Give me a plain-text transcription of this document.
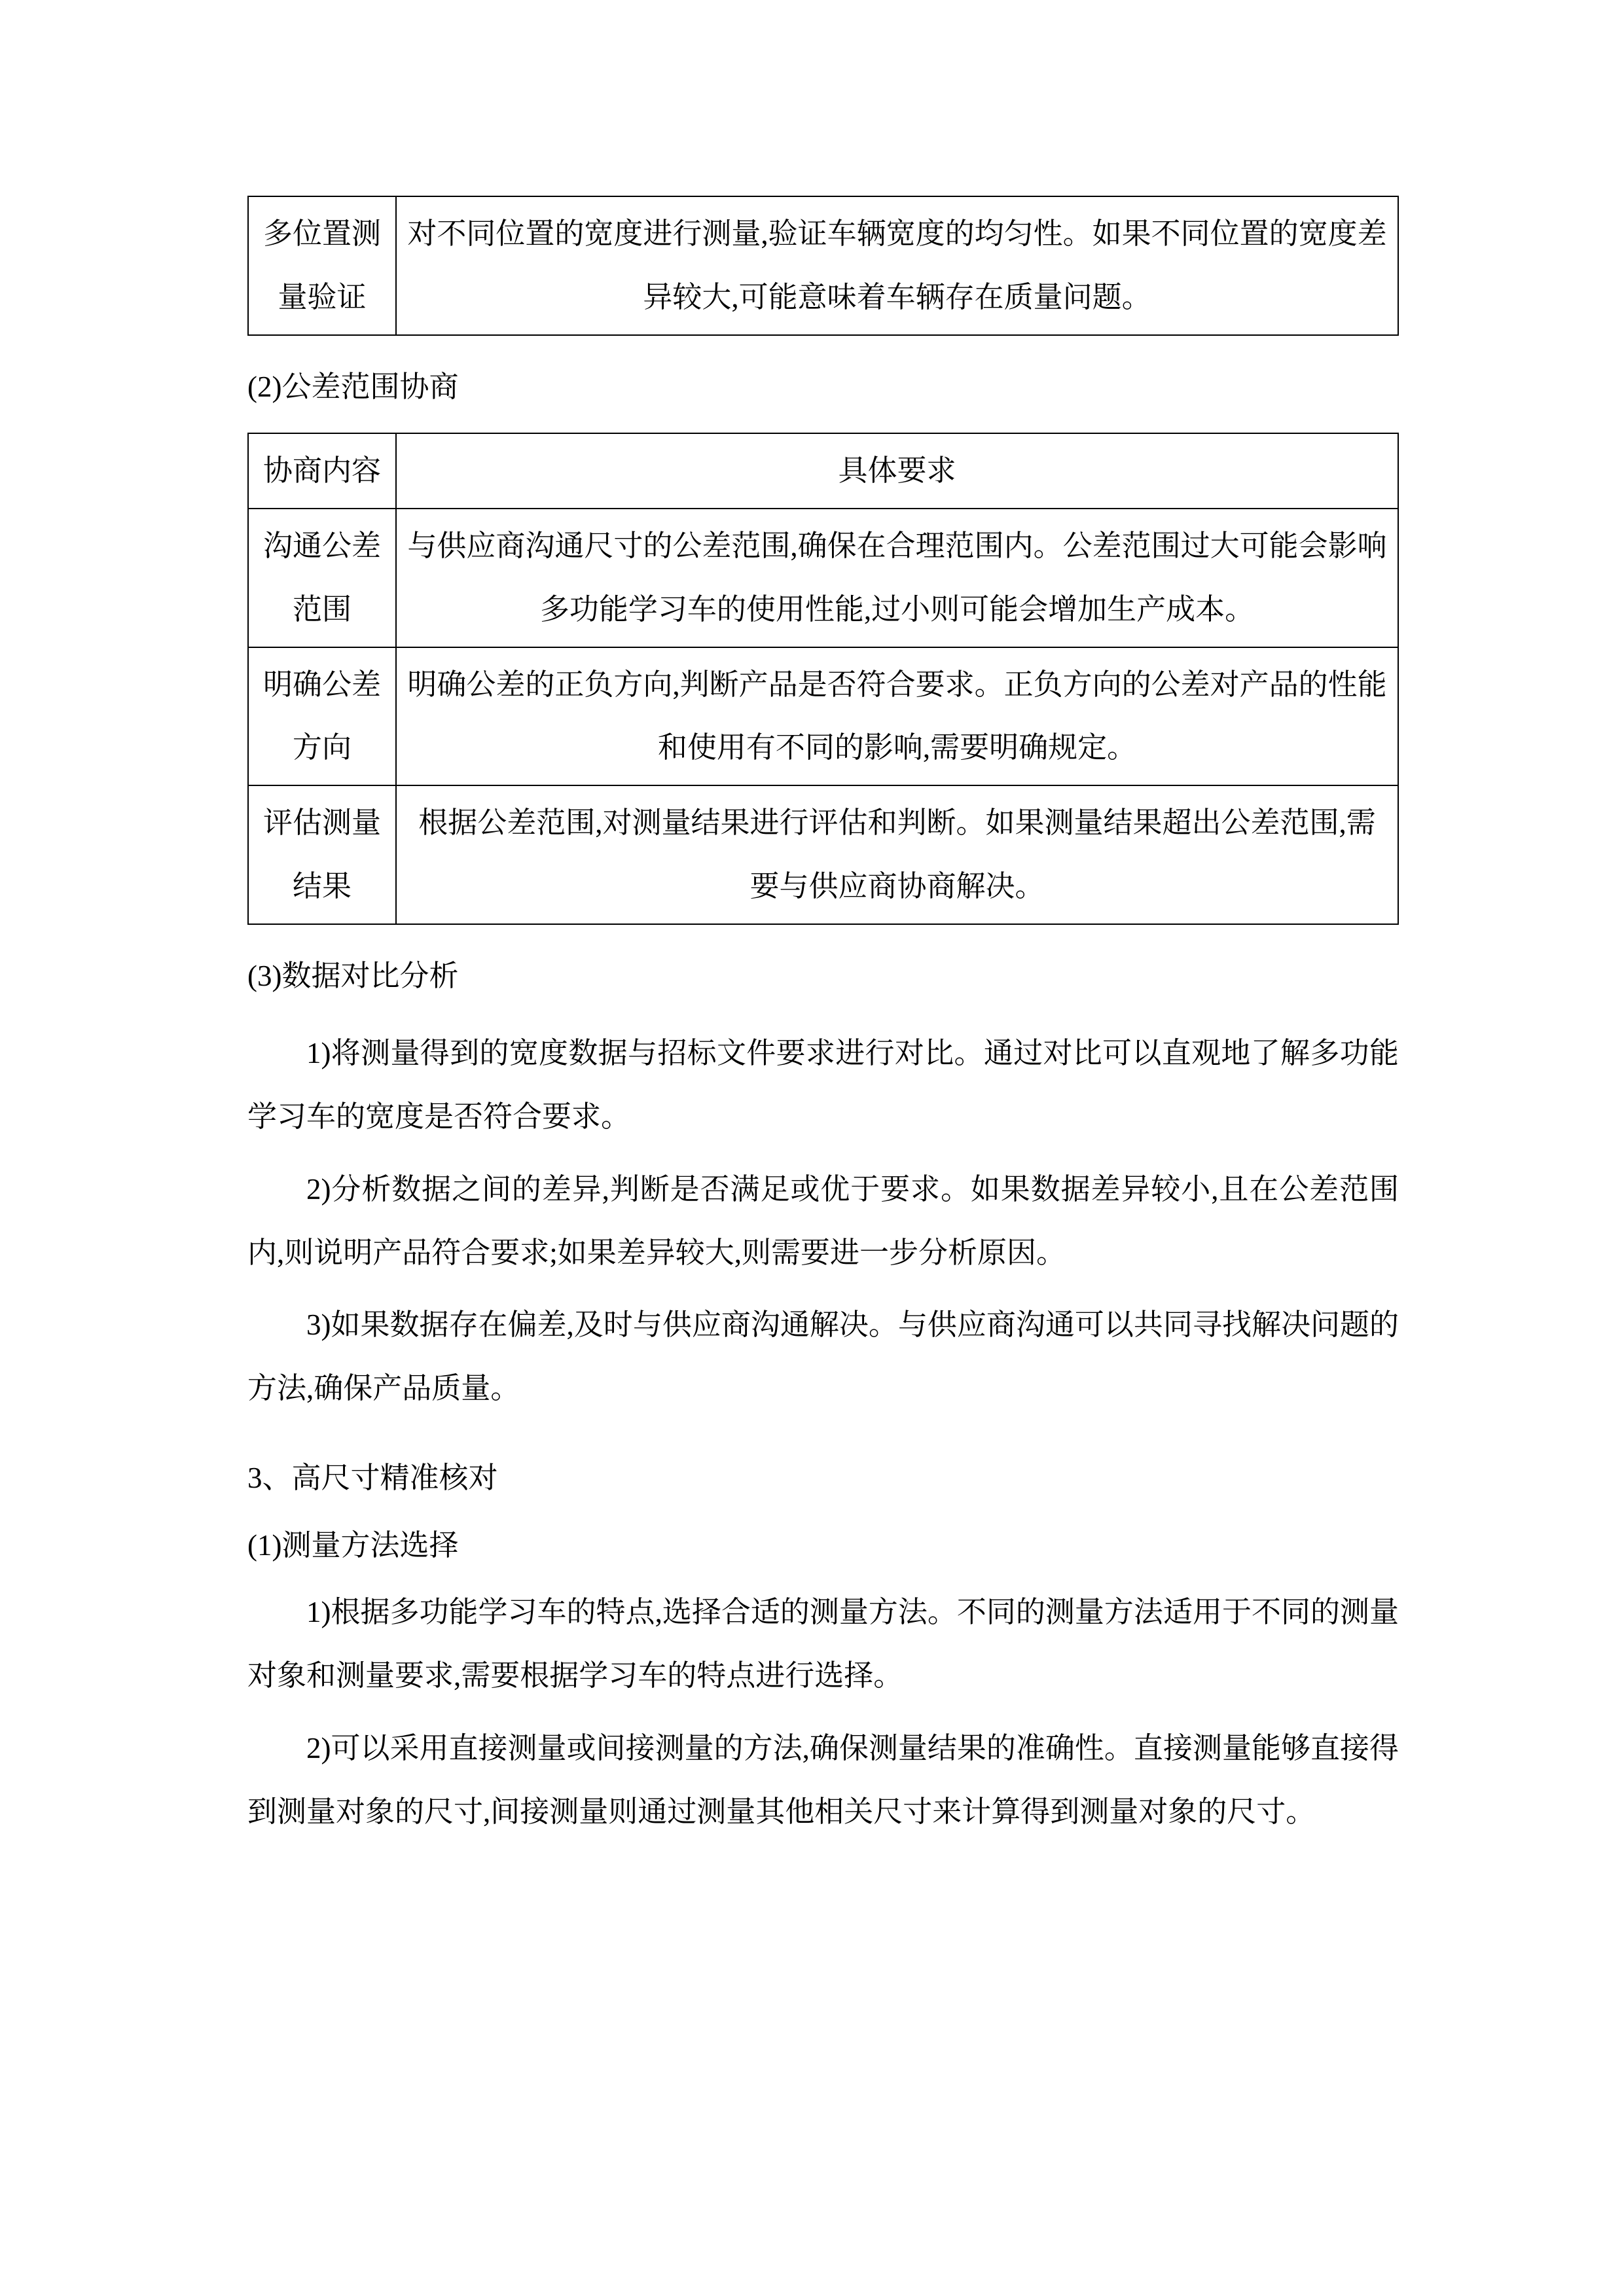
多位置测量验证	对不同位置的宽度进行测量,验证车辆宽度的均匀性。如果不同位置的宽度差异较大,可能意味着车辆存在质量问题。

(2)公差范围协商

协商内容	具体要求
沟通公差范围	与供应商沟通尺寸的公差范围,确保在合理范围内。公差范围过大可能会影响多功能学习车的使用性能,过小则可能会增加生产成本。
明确公差方向	明确公差的正负方向,判断产品是否符合要求。正负方向的公差对产品的性能和使用有不同的影响,需要明确规定。
评估测量结果	根据公差范围,对测量结果进行评估和判断。如果测量结果超出公差范围,需要与供应商协商解决。

(3)数据对比分析

1)将测量得到的宽度数据与招标文件要求进行对比。通过对比可以直观地了解多功能学习车的宽度是否符合要求。

2)分析数据之间的差异,判断是否满足或优于要求。如果数据差异较小,且在公差范围内,则说明产品符合要求;如果差异较大,则需要进一步分析原因。

3)如果数据存在偏差,及时与供应商沟通解决。与供应商沟通可以共同寻找解决问题的方法,确保产品质量。

3、高尺寸精准核对

(1)测量方法选择

1)根据多功能学习车的特点,选择合适的测量方法。不同的测量方法适用于不同的测量对象和测量要求,需要根据学习车的特点进行选择。

2)可以采用直接测量或间接测量的方法,确保测量结果的准确性。直接测量能够直接得到测量对象的尺寸,间接测量则通过测量其他相关尺寸来计算得到测量对象的尺寸。
